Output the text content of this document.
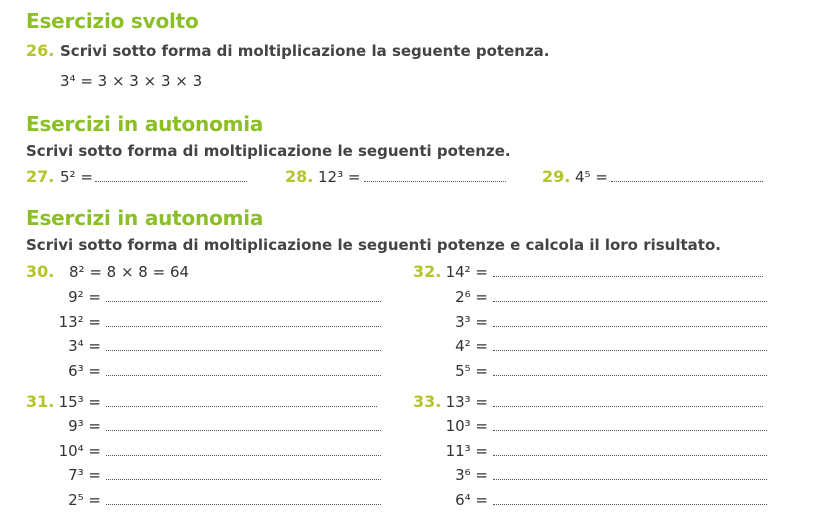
Esercizio svolto
26. Scrivi sotto forma di moltiplicazione la seguente potenza.
3⁴ = 3 × 3 × 3 × 3
Esercizi in autonomia
Scrivi sotto forma di moltiplicazione le seguenti potenze.
27. 5² =	28. 12³ =	29. 4⁵ =
Esercizi in autonomia
Scrivi sotto forma di moltiplicazione le seguenti potenze e calcola il loro risultato.
30. 8² = 8 × 8 = 64
9² =
13² =
3⁴ =
6³ =
31. 15³ =
9³ =
10⁴ =
7³ =
2⁵ =
32. 14² =
2⁶ =
3³ =
4² =
5⁵ =
33. 13³ =
10³ =
11³ =
3⁶ =
6⁴ =
